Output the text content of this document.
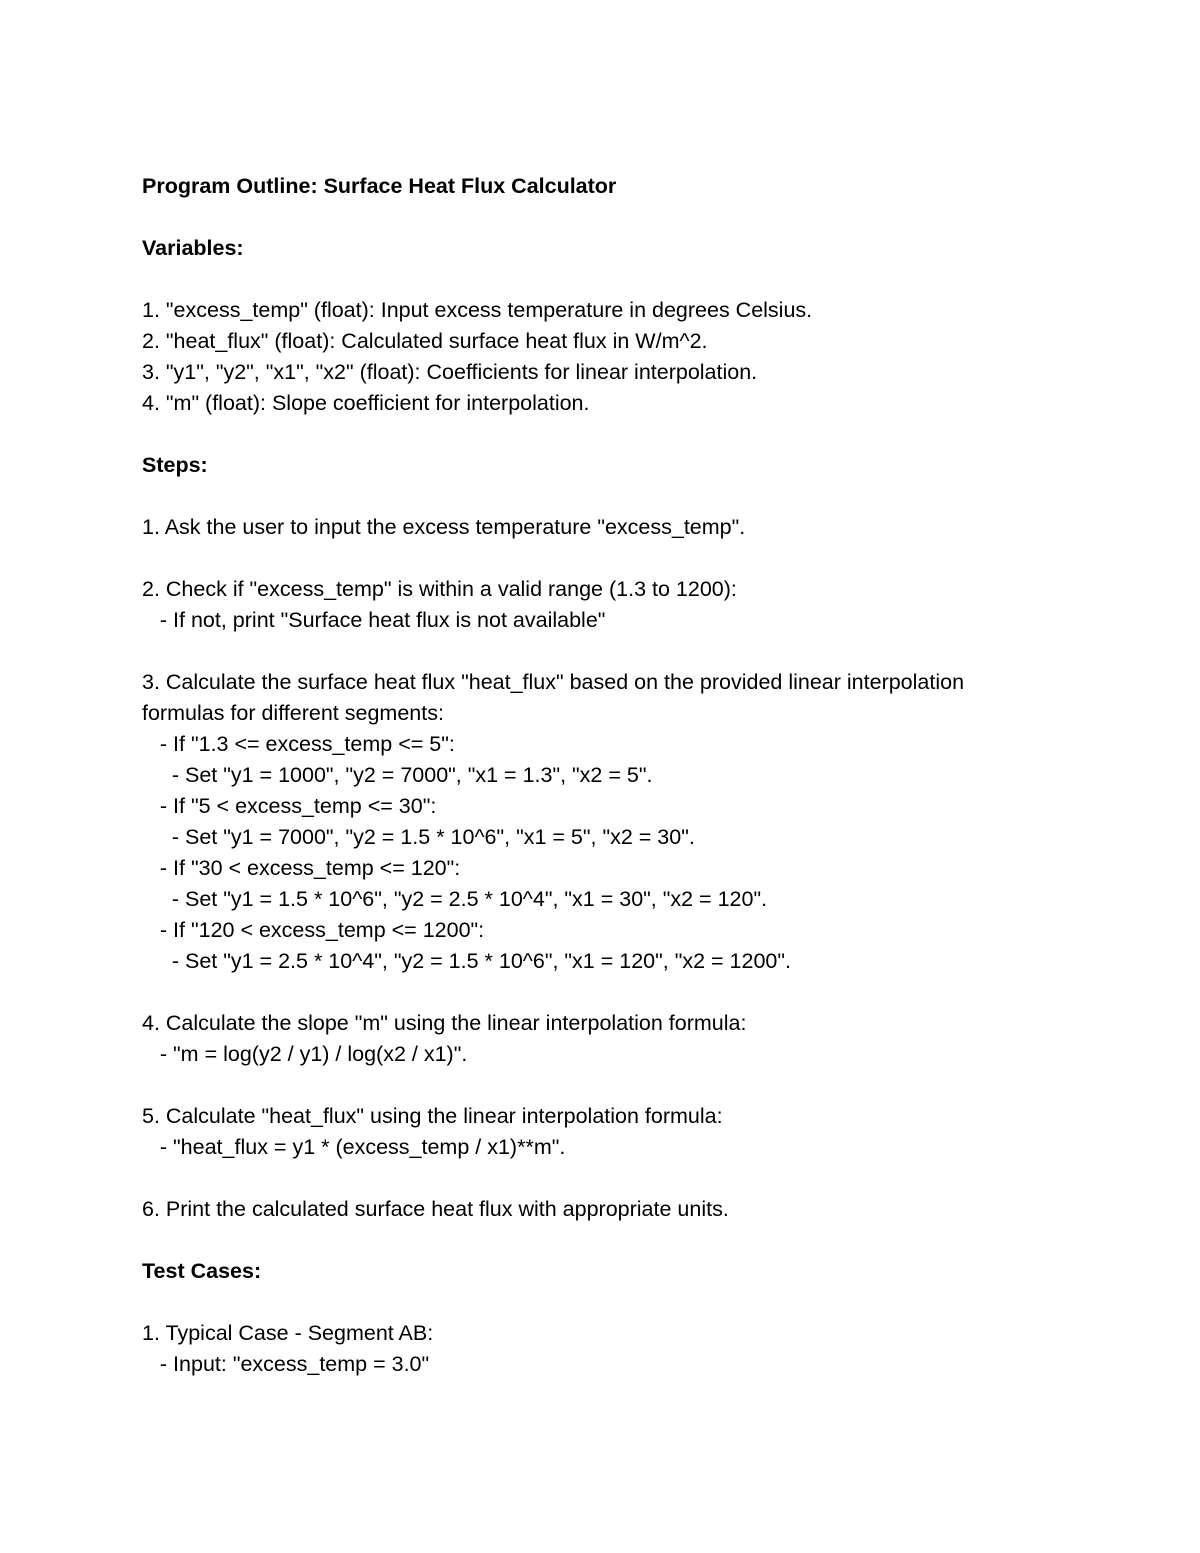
Program Outline: Surface Heat Flux Calculator
Variables:
1. "excess_temp" (float): Input excess temperature in degrees Celsius.
2. "heat_flux" (float): Calculated surface heat flux in W/m^2.
3. "y1", "y2", "x1", "x2" (float): Coefficients for linear interpolation.
4. "m" (float): Slope coefficient for interpolation.
Steps:
1. Ask the user to input the excess temperature "excess_temp".
2. Check if "excess_temp" is within a valid range (1.3 to 1200):
- If not, print "Surface heat flux is not available"
3. Calculate the surface heat flux "heat_flux" based on the provided linear interpolation
formulas for different segments:
- If "1.3 <= excess_temp <= 5":
- Set "y1 = 1000", "y2 = 7000", "x1 = 1.3", "x2 = 5".
- If "5 < excess_temp <= 30":
- Set "y1 = 7000", "y2 = 1.5 * 10^6", "x1 = 5", "x2 = 30".
- If "30 < excess_temp <= 120":
- Set "y1 = 1.5 * 10^6", "y2 = 2.5 * 10^4", "x1 = 30", "x2 = 120".
- If "120 < excess_temp <= 1200":
- Set "y1 = 2.5 * 10^4", "y2 = 1.5 * 10^6", "x1 = 120", "x2 = 1200".
4. Calculate the slope "m" using the linear interpolation formula:
- "m = log(y2 / y1) / log(x2 / x1)".
5. Calculate "heat_flux" using the linear interpolation formula:
- "heat_flux = y1 * (excess_temp / x1)**m".
6. Print the calculated surface heat flux with appropriate units.
Test Cases:
1. Typical Case - Segment AB:
- Input: "excess_temp = 3.0"
